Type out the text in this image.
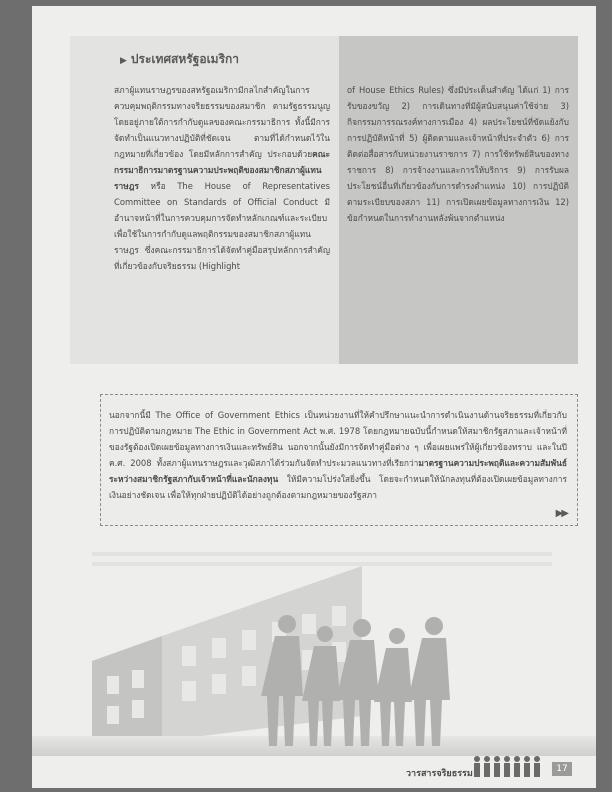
▶ ประเทศสหรัฐอเมริกา

สภาผู้แทนราษฎรของสหรัฐอเมริกามีกลไกสำคัญในการควบคุมพฤติกรรมทางจริยธรรมของสมาชิก ตามรัฐธรรมนูญ โดยอยู่ภายใต้การกำกับดูแลของคณะกรรมาธิการ ทั้งนี้มีการจัดทำเป็นแนวทางปฏิบัติที่ชัดเจน ตามที่ได้กำหนดไว้ในกฎหมายที่เกี่ยวข้อง โดยมีหลักการสำคัญ ประกอบด้วยคณะกรรมาธิการมาตรฐานความประพฤติของสมาชิกสภาผู้แทนราษฎร หรือ The House of Representatives Committee on Standards of Official Conduct มีอำนาจหน้าที่ในการควบคุมการจัดทำหลักเกณฑ์และระเบียบ เพื่อใช้ในการกำกับดูแลพฤติกรรมของสมาชิกสภาผู้แทนราษฎร ซึ่งคณะกรรมาธิการได้จัดทำคู่มือสรุปหลักการสำคัญที่เกี่ยวข้องกับจริยธรรม (Highlight

of House Ethics Rules) ซึ่งมีประเด็นสำคัญ ได้แก่ 1) การรับของขวัญ 2) การเดินทางที่มีผู้สนับสนุนค่าใช้จ่าย 3) กิจกรรมการรณรงค์ทางการเมือง 4) ผลประโยชน์ที่ขัดแย้งกับการปฏิบัติหน้าที่ 5) ผู้ติดตามและเจ้าหน้าที่ประจำตัว 6) การติดต่อสื่อสารกับหน่วยงานราชการ 7) การใช้ทรัพย์สินของทางราชการ 8) การจ้างงานและการให้บริการ 9) การรับผลประโยชน์อื่นที่เกี่ยวข้องกับการดำรงตำแหน่ง 10) การปฏิบัติตามระเบียบของสภา 11) การเปิดเผยข้อมูลทางการเงิน 12) ข้อกำหนดในการทำงานหลังพ้นจากตำแหน่ง

นอกจากนี้มี The Office of Government Ethics เป็นหน่วยงานที่ให้คำปรึกษาแนะนำการดำเนินงานด้านจริยธรรมที่เกี่ยวกับการปฏิบัติตามกฎหมาย The Ethic in Government Act พ.ศ. 1978 โดยกฎหมายฉบับนี้กำหนดให้สมาชิกรัฐสภาและเจ้าหน้าที่ของรัฐต้องเปิดเผยข้อมูลทางการเงินและทรัพย์สิน นอกจากนั้นยังมีการจัดทำคู่มือต่าง ๆ เพื่อเผยแพร่ให้ผู้เกี่ยวข้องทราบ และในปี ค.ศ. 2008 ทั้งสภาผู้แทนราษฎรและวุฒิสภาได้ร่วมกันจัดทำประมวลแนวทางที่เรียกว่ามาตรฐานความประพฤติและความสัมพันธ์ระหว่างสมาชิกรัฐสภากับเจ้าหน้าที่และนักลงทุน ให้มีความโปร่งใสยิ่งขึ้น โดยจะกำหนดให้นักลงทุนที่ต้องเปิดเผยข้อมูลทางการเงินอย่างชัดเจน เพื่อให้ทุกฝ่ายปฏิบัติได้อย่างถูกต้องตามกฎหมายของรัฐสภา
▶▶
วารสารจริยธรรม	17
